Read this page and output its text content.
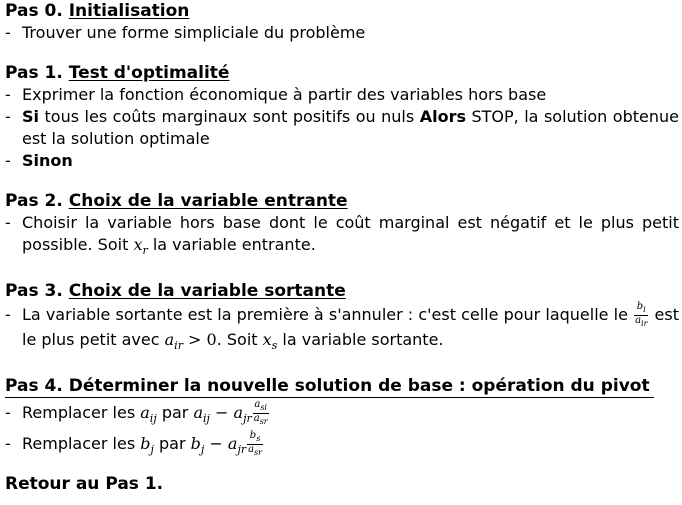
Pas 0. Initialisation

- Trouver une forme simpliciale du problème

Pas 1. Test d'optimalité

- Exprimer la fonction économique à partir des variables hors base

- Si tous les coûts marginaux sont positifs ou nuls Alors STOP, la solution obtenue est la solution optimale

- Sinon

Pas 2. Choix de la variable entrante

- Choisir la variable hors base dont le coût marginal est négatif et le plus petit possible. Soit $x_r$ la variable entrante.

Pas 3. Choix de la variable sortante

- La variable sortante est la première à s'annuler : c'est celle pour laquelle le $\frac{b_i}{a_{ir}}$ est le plus petit avec $a_{ir} > 0$. Soit $x_s$ la variable sortante.

Pas 4. Déterminer la nouvelle solution de base : opération du pivot

- Remplacer les $a_{ij}$ par $a_{ij} - a_{jr} \frac{a_{si}}{a_{sr}}$

- Remplacer les $b_j$ par $b_j - a_{jr} \frac{b_s}{a_{sr}}$

Retour au Pas 1.
